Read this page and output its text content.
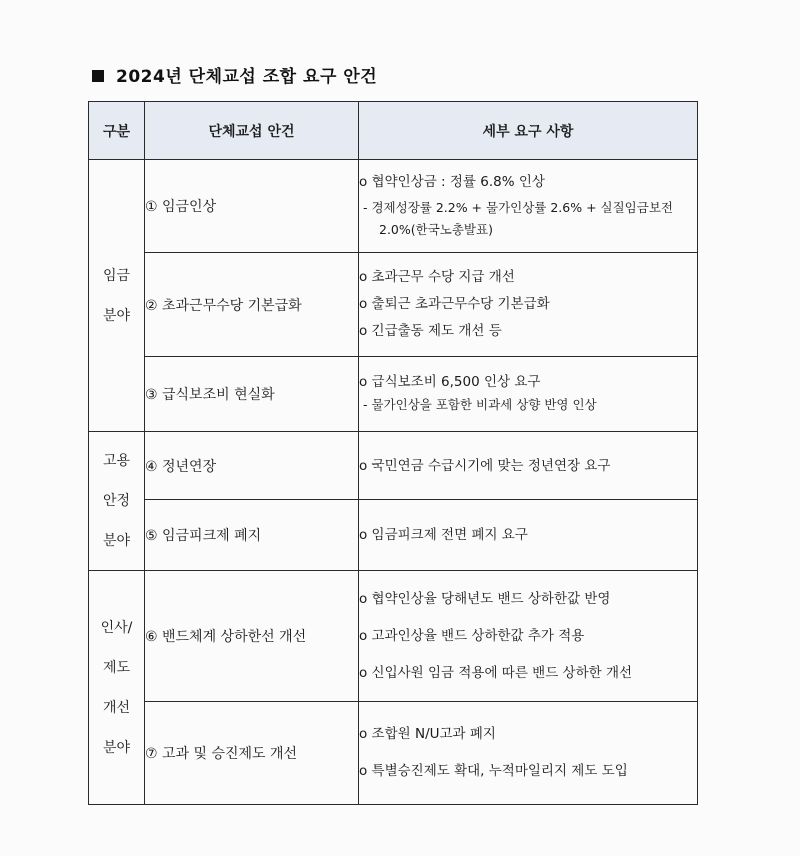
2024년 단체교섭 조합 요구 안건
구분	단체교섭 안건	세부 요구 사항

임금
분야	① 임금인상	o 협약인상금 : 정률 6.8% 인상
- 경제성장률 2.2% + 물가인상률 2.6% + 실질임금보전
2.0%(한국노총발표)

	② 초과근무수당 기본급화	o 초과근무 수당 지급 개선
o 출퇴근 초과근무수당 기본급화
o 긴급출동 제도 개선 등

	③ 급식보조비 현실화	o 급식보조비 6,500 인상 요구
- 물가인상을 포함한 비과세 상향 반영 인상

고용
안정
분야	④ 정년연장	o 국민연금 수급시기에 맞는 정년연장 요구

	⑤ 임금피크제 폐지	o 임금피크제 전면 폐지 요구

인사/
제도
개선
분야	⑥ 밴드체계 상하한선 개선	o 협약인상율 당해년도 밴드 상하한값 반영
o 고과인상율 밴드 상하한값 추가 적용
o 신입사원 임금 적용에 따른 밴드 상하한 개선

	⑦ 고과 및 승진제도 개선	o 조합원 N/U고과 폐지
o 특별승진제도 확대, 누적마일리지 제도 도입
